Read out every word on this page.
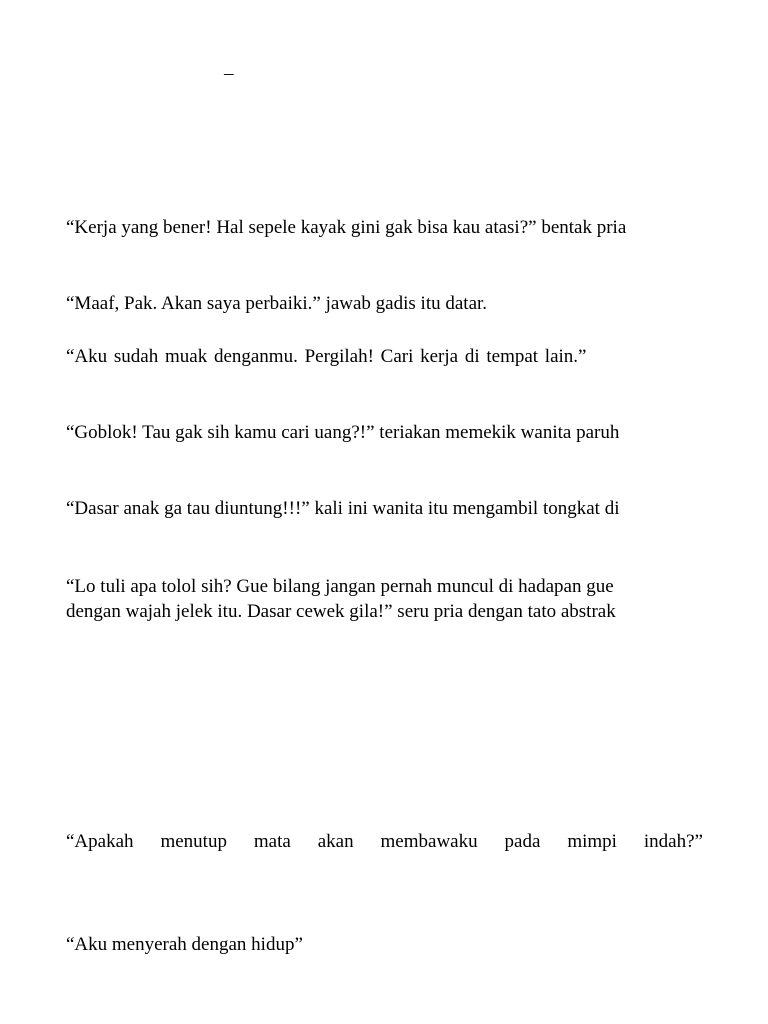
–

“Kerja yang bener! Hal sepele kayak gini gak bisa kau atasi?” bentak pria

“Maaf, Pak. Akan saya perbaiki.” jawab gadis itu datar.

“Aku sudah muak denganmu. Pergilah! Cari kerja di tempat lain.”

“Goblok! Tau gak sih kamu cari uang?!” teriakan memekik wanita paruh

“Dasar anak ga tau diuntung!!!” kali ini wanita itu mengambil tongkat di

“Lo tuli apa tolol sih? Gue bilang jangan pernah muncul di hadapan gue

dengan wajah jelek itu. Dasar cewek gila!” seru pria dengan tato abstrak

“Apakah menutup mata akan membawaku pada mimpi indah?”

“Aku menyerah dengan hidup”
